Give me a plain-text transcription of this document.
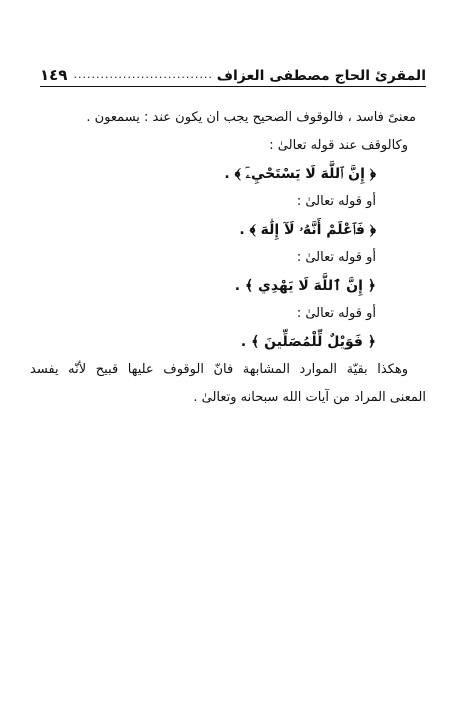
المقرئ الحاج مصطفى العزاف
...............................
١٤٩
معنىً فاسد ، فالوقوف الصحيح يجب ان يكون عند : يسمعون .
وكالوقف عند قوله تعالىٰ :
﴿ إِنَّ ٱللَّهَ لَا يَسْتَحْيِۦٓ ﴾ .
أو قوله تعالىٰ :
﴿ فَٱعْلَمْ أَنَّهُۥ لَآ إِلَٰهَ ﴾ .
أو قوله تعالىٰ :
﴿ إِنَّ ٱللَّهَ لَا يَهْدِي ﴾ .
أو قوله تعالىٰ :
﴿ فَوَيْلٌ لِّلْمُصَلِّينَ ﴾ .
وهكذا بقيّة الموارد المشابهة فانّ الوقوف عليها قبيح لأنّه يفسد
المعنى المراد من آيات الله سبحانه وتعالىٰ .
